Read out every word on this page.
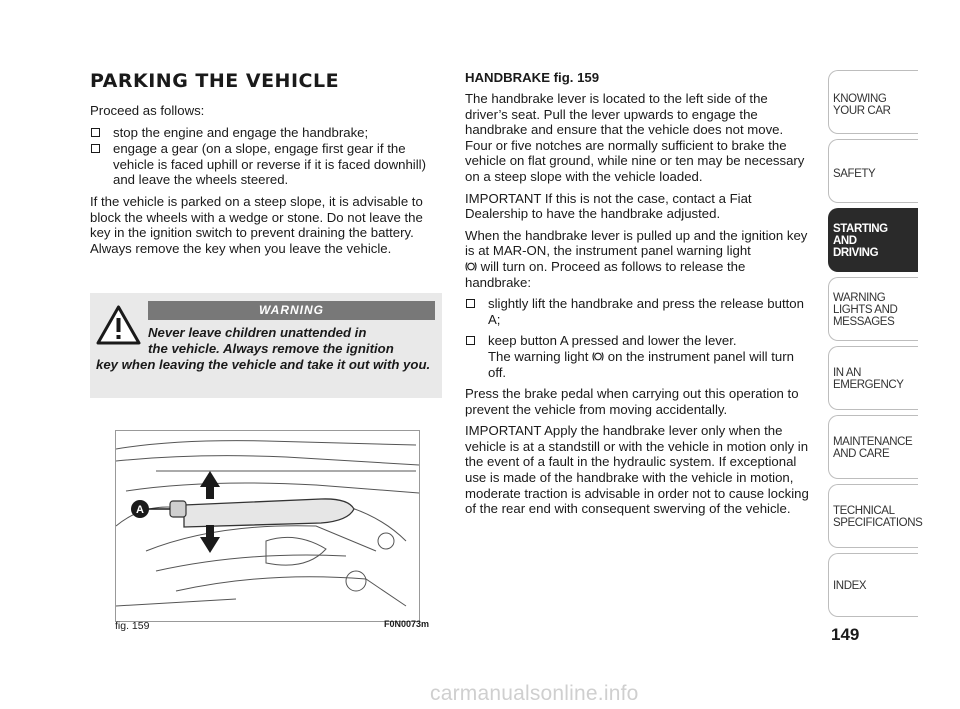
PARKING THE VEHICLE

Proceed as follows:

stop the engine and engage the handbrake;
engage a gear (on a slope, engage first gear if the vehicle is faced uphill or reverse if it is faced downhill) and leave the wheels steered.

If the vehicle is parked on a steep slope, it is advisable to block the wheels with a wedge or stone. Do not leave the key in the ignition switch to prevent draining the battery. Always remove the key when you leave the vehicle.

WARNING
Never leave children unattended in
the vehicle. Always remove the ignition
key when leaving the vehicle and take it out with you.
A
fig. 159	F0N0073m
HANDBRAKE fig. 159

The handbrake lever is located to the left side of the driver’s seat. Pull the lever upwards to engage the handbrake and ensure that the vehicle does not move. Four or five notches are normally sufficient to brake the vehicle on flat ground, while nine or ten may be necessary on a steep slope with the vehicle loaded.

IMPORTANT If this is not the case, contact a Fiat Dealership to have the handbrake adjusted.

When the handbrake lever is pulled up and the ignition key is at MAR-ON, the instrument panel warning light
will turn on. Proceed as follows to release the handbrake:

slightly lift the handbrake and press the release button A;
keep button A pressed and lower the lever.
The warning light on the instrument panel will turn off.

Press the brake pedal when carrying out this operation to prevent the vehicle from moving accidentally.

IMPORTANT Apply the handbrake lever only when the vehicle is at a standstill or with the vehicle in motion only in the event of a fault in the hydraulic system. If exceptional use is made of the handbrake with the vehicle in motion, moderate traction is advisable in order not to cause locking of the rear end with consequent swerving of the vehicle.

KNOWING
YOUR CAR
SAFETY
STARTING
AND
DRIVING
WARNING
LIGHTS AND
MESSAGES
IN AN
EMERGENCY
MAINTENANCE
AND CARE
TECHNICAL
SPECIFICATIONS
INDEX
149
carmanualsonline.info
